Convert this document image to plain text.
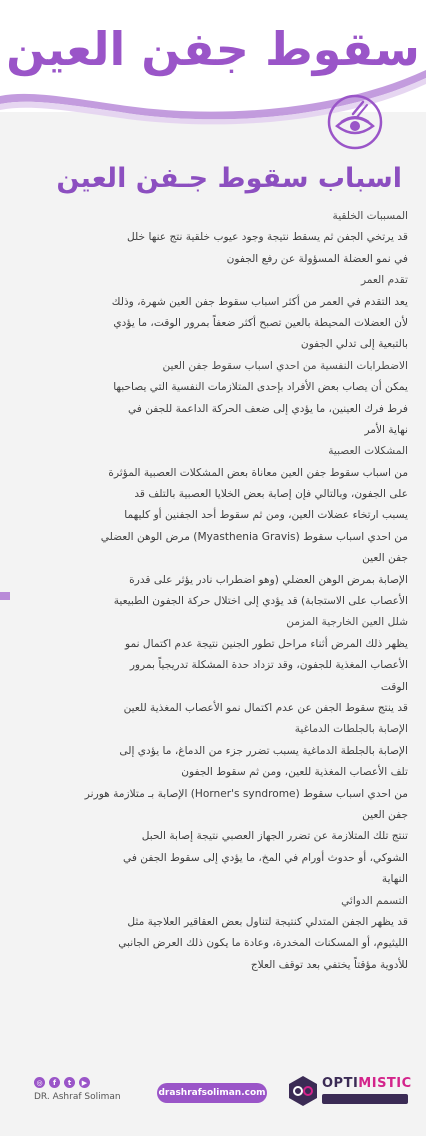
سقوط جفن العين
اسباب سقوط جـفن العين
المسببات الخلقية
قد يرتخي الجفن ثم يسقط نتيجة وجود عيوب خلقية نتج عنها خلل
في نمو العضلة المسؤولة عن رفع الجفون
تقدم العمر
يعد التقدم في العمر من أكثر اسباب سقوط جفن العين شهرة، وذلك
لأن العضلات المحيطة بالعين تصبح أكثر ضعفاً بمرور الوقت، ما يؤدي
بالتبعية إلى تدلي الجفون
الاضطرابات النفسية من احدي اسباب سقوط جفن العين
يمكن أن يصاب بعض الأفراد بإحدى المتلازمات النفسية التي يصاحبها
فرط فرك العينين، ما يؤدي إلى ضعف الحركة الداعمة للجفن في
نهاية الأمر
المشكلات العصبية
من اسباب سقوط جفن العين معاناة بعض المشكلات العصبية المؤثرة
على الجفون، وبالتالي فإن إصابة بعض الخلايا العصبية بالتلف قد
يسبب ارتخاء عضلات العين، ومن ثم سقوط أحد الجفنين أو كليهما
من احدي اسباب سقوط (Myasthenia Gravis) مرض الوهن العضلي
جفن العين
الإصابة بمرض الوهن العضلي (وهو اضطراب نادر يؤثر على قدرة
الأعصاب على الاستجابة) قد يؤدي إلى اختلال حركة الجفون الطبيعية
شلل العين الخارجية المزمن
يظهر ذلك المرض أثناء مراحل تطور الجنين نتيجة عدم اكتمال نمو
الأعصاب المغذية للجفون، وقد تزداد حدة المشكلة تدريجياً بمرور
الوقت
قد ينتج سقوط الجفن عن عدم اكتمال نمو الأعصاب المغذية للعين
الإصابة بالجلطات الدماغية
الإصابة بالجلطة الدماغية يسبب تضرر جزء من الدماغ، ما يؤدي إلى
تلف الأعصاب المغذية للعين، ومن ثم سقوط الجفون
من احدي اسباب سقوط (Horner's syndrome) الإصابة بـ متلازمة هورنر
جفن العين
تنتج تلك المتلازمة عن تضرر الجهاز العصبي نتيجة إصابة الحبل
الشوكي، أو حدوث أورام في المخ، ما يؤدي إلى سقوط الجفن في
النهاية
التسمم الدوائي
قد يظهر الجفن المتدلي كنتيجة لتناول بعض العقاقير العلاجية مثل
الليثيوم، أو المسكنات المخدرة، وعادة ما يكون ذلك العرض الجانبي
للأدوية مؤقتاً يختفي بعد توقف العلاج
◎	f	t	▶
DR. Ashraf Soliman	drashrafsoliman.com
OPTIMISTIC
